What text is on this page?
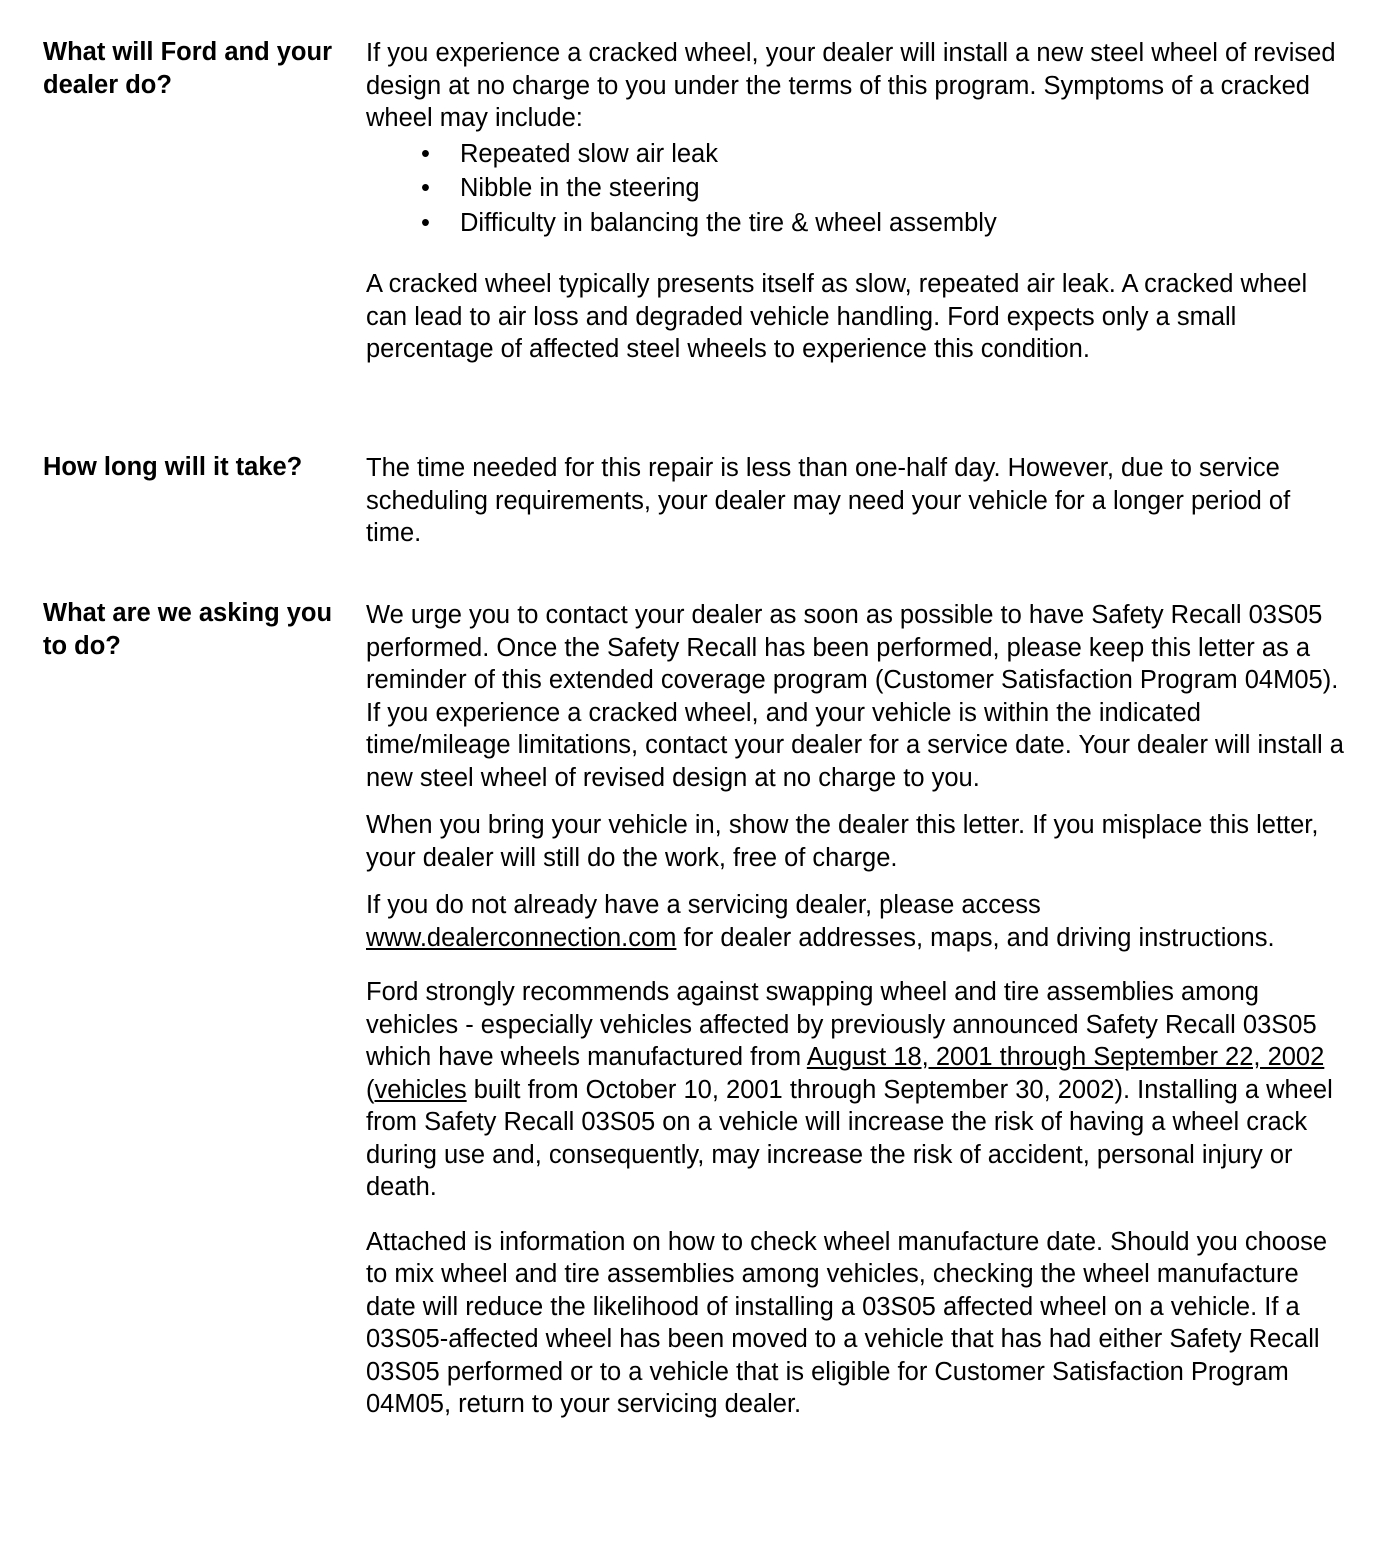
What will Ford and your dealer do?

If you experience a cracked wheel, your dealer will install a new steel wheel of revised design at no charge to you under the terms of this program. Symptoms of a cracked wheel may include:

• Repeated slow air leak
• Nibble in the steering
• Difficulty in balancing the tire & wheel assembly

A cracked wheel typically presents itself as slow, repeated air leak. A cracked wheel can lead to air loss and degraded vehicle handling. Ford expects only a small percentage of affected steel wheels to experience this condition.

How long will it take?	The time needed for this repair is less than one-half day. However, due to service scheduling requirements, your dealer may need your vehicle for a longer period of time.

What are we asking you to do?

We urge you to contact your dealer as soon as possible to have Safety Recall 03S05 performed. Once the Safety Recall has been performed, please keep this letter as a reminder of this extended coverage program (Customer Satisfaction Program 04M05). If you experience a cracked wheel, and your vehicle is within the indicated time/mileage limitations, contact your dealer for a service date. Your dealer will install a new steel wheel of revised design at no charge to you.

When you bring your vehicle in, show the dealer this letter. If you misplace this letter, your dealer will still do the work, free of charge.

If you do not already have a servicing dealer, please access www.dealerconnection.com for dealer addresses, maps, and driving instructions.

Ford strongly recommends against swapping wheel and tire assemblies among vehicles - especially vehicles affected by previously announced Safety Recall 03S05 which have wheels manufactured from August 18, 2001 through September 22, 2002 (vehicles built from October 10, 2001 through September 30, 2002). Installing a wheel from Safety Recall 03S05 on a vehicle will increase the risk of having a wheel crack during use and, consequently, may increase the risk of accident, personal injury or death.

Attached is information on how to check wheel manufacture date. Should you choose to mix wheel and tire assemblies among vehicles, checking the wheel manufacture date will reduce the likelihood of installing a 03S05 affected wheel on a vehicle. If a 03S05-affected wheel has been moved to a vehicle that has had either Safety Recall 03S05 performed or to a vehicle that is eligible for Customer Satisfaction Program 04M05, return to your servicing dealer.
